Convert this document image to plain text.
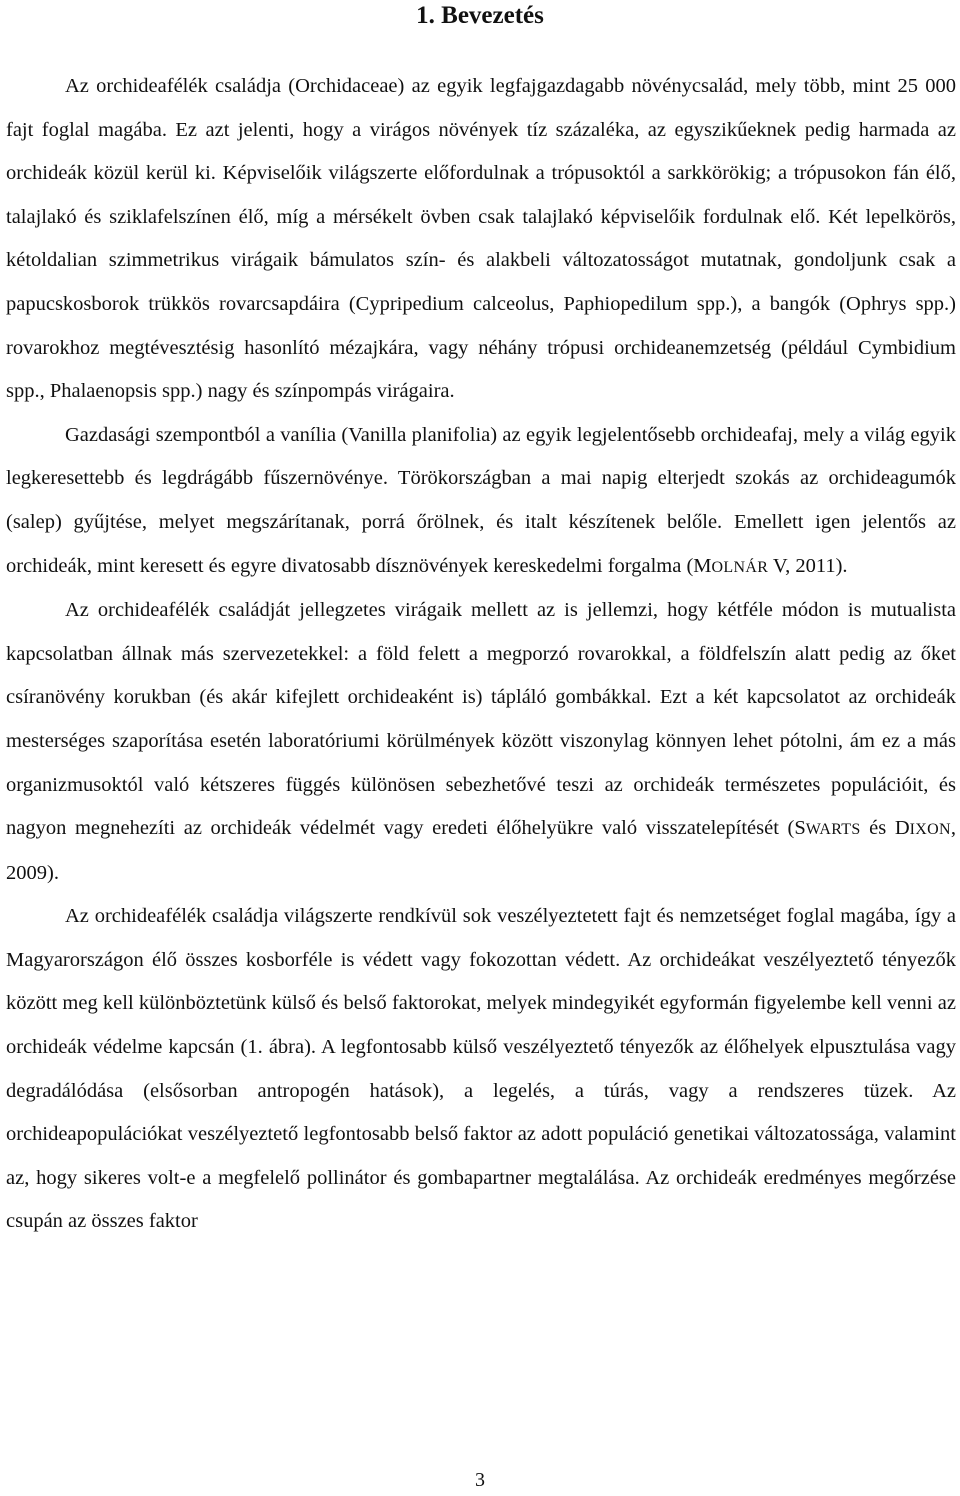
1. Bevezetés

Az orchideafélék családja (Orchidaceae) az egyik legfajgazdagabb növénycsalád, mely több, mint 25 000 fajt foglal magába. Ez azt jelenti, hogy a virágos növények tíz százaléka, az egyszikűeknek pedig harmada az orchideák közül kerül ki. Képviselőik világszerte előfordulnak a trópusoktól a sarkkörökig; a trópusokon fán élő, talajlakó és sziklafelszínen élő, míg a mérsékelt övben csak talajlakó képviselőik fordulnak elő. Két lepelkörös, kétoldalian szimmetrikus virágaik bámulatos szín- és alakbeli változatosságot mutatnak, gondoljunk csak a papucskosborok trükkös rovarcsapdáira (Cypripedium calceolus, Paphiopedilum spp.), a bangók (Ophrys spp.) rovarokhoz megtévesztésig hasonlító mézajkára, vagy néhány trópusi orchideanemzetség (például Cymbidium spp., Phalaenopsis spp.) nagy és színpompás virágaira.

Gazdasági szempontból a vanília (Vanilla planifolia) az egyik legjelentősebb orchideafaj, mely a világ egyik legkeresettebb és legdrágább fűszernövénye. Törökországban a mai napig elterjedt szokás az orchideagumók (salep) gyűjtése, melyet megszárítanak, porrá őrölnek, és italt készítenek belőle. Emellett igen jelentős az orchideák, mint keresett és egyre divatosabb dísznövények kereskedelmi forgalma (MOLNÁR V, 2011).

Az orchideafélék családját jellegzetes virágaik mellett az is jellemzi, hogy kétféle módon is mutualista kapcsolatban állnak más szervezetekkel: a föld felett a megporzó rovarokkal, a földfelszín alatt pedig az őket csíranövény korukban (és akár kifejlett orchideaként is) tápláló gombákkal. Ezt a két kapcsolatot az orchideák mesterséges szaporítása esetén laboratóriumi körülmények között viszonylag könnyen lehet pótolni, ám ez a más organizmusoktól való kétszeres függés különösen sebezhetővé teszi az orchideák természetes populációit, és nagyon megnehezíti az orchideák védelmét vagy eredeti élőhelyükre való visszatelepítését (SWARTS és DIXON, 2009).

Az orchideafélék családja világszerte rendkívül sok veszélyeztetett fajt és nemzetséget foglal magába, így a Magyarországon élő összes kosborféle is védett vagy fokozottan védett. Az orchideákat veszélyeztető tényezők között meg kell különböztetünk külső és belső faktorokat, melyek mindegyikét egyformán figyelembe kell venni az orchideák védelme kapcsán (1. ábra). A legfontosabb külső veszélyeztető tényezők az élőhelyek elpusztulása vagy degradálódása (elsősorban antropogén hatások), a legelés, a túrás, vagy a rendszeres tüzek. Az orchideapopulációkat veszélyeztető legfontosabb belső faktor az adott populáció genetikai változatossága, valamint az, hogy sikeres volt-e a megfelelő pollinátor és gombapartner megtalálása. Az orchideák eredményes megőrzése csupán az összes faktor

3
